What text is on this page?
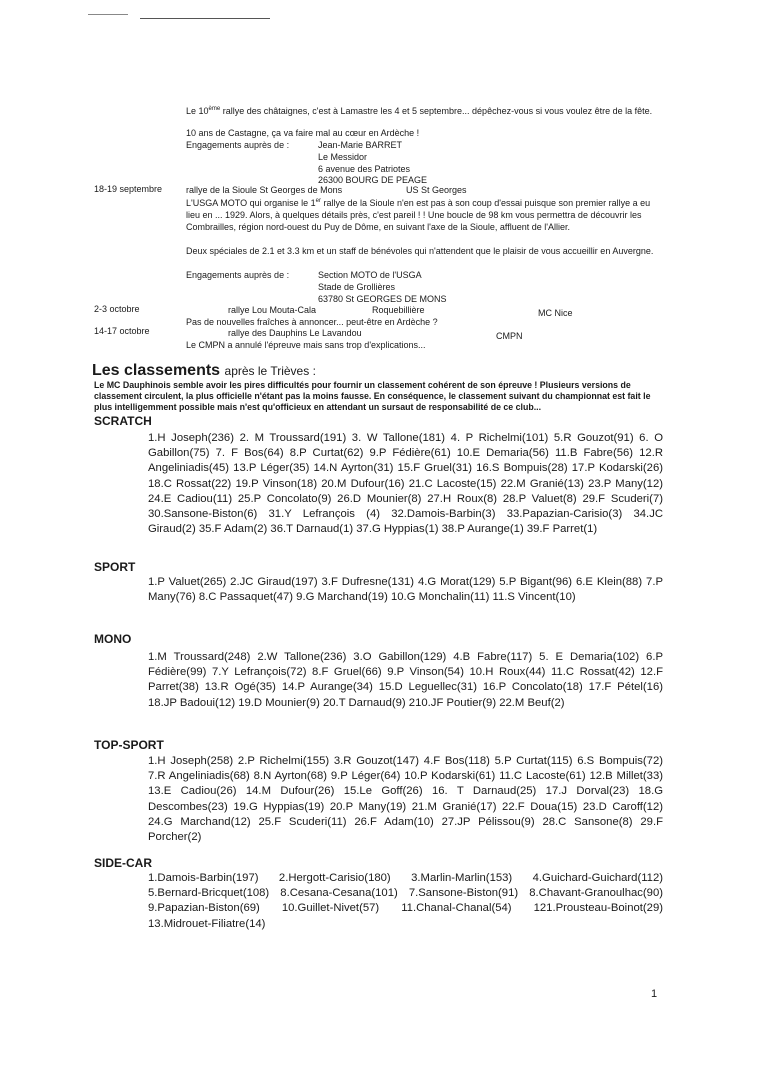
Le 10ème rallye des châtaignes, c'est à Lamastre les 4 et 5 septembre... dépêchez-vous si vous voulez être de la fête.
10 ans de Castagne, ça va faire mal au cœur en Ardèche !
Engagements auprès de :	Jean-Marie BARRET
Le Messidor
6 avenue des Patriotes
26300 BOURG DE PEAGE
18-19 septembre	rallye de la Sioule St Georges de Mons	US St Georges
L'USGA MOTO qui organise le 1er rallye de la Sioule n'en est pas à son coup d'essai puisque son premier rallye a eu lieu en ... 1929. Alors, à quelques détails près, c'est pareil ! ! Une boucle de 98 km vous permettra de découvrir les Combrailles, région nord-ouest du Puy de Dôme, en suivant l'axe de la Sioule, affluent de l'Allier.
Deux spéciales de 2.1 et 3.3 km et un staff de bénévoles qui n'attendent que le plaisir de vous accueillir en Auvergne.
Engagements auprès de :	Section MOTO de l'USGA
Stade de Grollières
63780 St GEORGES DE MONS
2-3 octobre	rallye Lou Mouta-Cala	Roquebillière	MC Nice
Pas de nouvelles fraîches à annoncer... peut-être en Ardèche ?
14-17 octobre	rallye des Dauphins Le Lavandou	CMPN
Le CMPN a annulé l'épreuve mais sans trop d'explications...
Les classements après le Trièves :
Le MC Dauphinois semble avoir les pires difficultés pour fournir un classement cohérent de son épreuve ! Plusieurs versions de classement circulent, la plus officielle n'étant pas la moins fausse. En conséquence, le classement suivant du championnat est fait le plus intelligemment possible mais n'est qu'officieux en attendant un sursaut de responsabilité de ce club...
SCRATCH
1.H Joseph(236) 2. M Troussard(191) 3. W Tallone(181) 4. P Richelmi(101) 5.R Gouzot(91) 6. O Gabillon(75) 7. F Bos(64) 8.P Curtat(62) 9.P Fédière(61) 10.E Demaria(56) 11.B Fabre(56) 12.R Angeliniadis(45) 13.P Léger(35) 14.N Ayrton(31) 15.F Gruel(31) 16.S Bompuis(28) 17.P Kodarski(26) 18.C Rossat(22) 19.P Vinson(18) 20.M Dufour(16) 21.C Lacoste(15) 22.M Granié(13) 23.P Many(12) 24.E Cadiou(11) 25.P Concolato(9) 26.D Mounier(8) 27.H Roux(8) 28.P Valuet(8) 29.F Scuderi(7) 30.Sansone-Biston(6) 31.Y Lefrançois (4) 32.Damois-Barbin(3) 33.Papazian-Carisio(3) 34.JC Giraud(2) 35.F Adam(2) 36.T Darnaud(1) 37.G Hyppias(1) 38.P Aurange(1) 39.F Parret(1)
SPORT
1.P Valuet(265) 2.JC Giraud(197) 3.F Dufresne(131) 4.G Morat(129) 5.P Bigant(96) 6.E Klein(88) 7.P Many(76) 8.C Passaquet(47) 9.G Marchand(19) 10.G Monchalin(11) 11.S Vincent(10)
MONO
1.M Troussard(248) 2.W Tallone(236) 3.O Gabillon(129) 4.B Fabre(117) 5. E Demaria(102) 6.P Fédière(99) 7.Y Lefrançois(72) 8.F Gruel(66) 9.P Vinson(54) 10.H Roux(44) 11.C Rossat(42) 12.F Parret(38) 13.R Ogé(35) 14.P Aurange(34) 15.D Leguellec(31) 16.P Concolato(18) 17.F Pétel(16) 18.JP Badoui(12) 19.D Mounier(9) 20.T Darnaud(9) 210.JF Poutier(9) 22.M Beuf(2)
TOP-SPORT
1.H Joseph(258) 2.P Richelmi(155) 3.R Gouzot(147) 4.F Bos(118) 5.P Curtat(115) 6.S Bompuis(72) 7.R Angeliniadis(68) 8.N Ayrton(68) 9.P Léger(64) 10.P Kodarski(61) 11.C Lacoste(61) 12.B Millet(33) 13.E Cadiou(26) 14.M Dufour(26) 15.Le Goff(26) 16. T Darnaud(25) 17.J Dorval(23) 18.G Descombes(23) 19.G Hyppias(19) 20.P Many(19) 21.M Granié(17) 22.F Doua(15) 23.D Caroff(12) 24.G Marchand(12) 25.F Scuderi(11) 26.F Adam(10) 27.JP Pélissou(9) 28.C Sansone(8) 29.F Porcher(2)
SIDE-CAR
1.Damois-Barbin(197) 2.Hergott-Carisio(180) 3.Marlin-Marlin(153) 4.Guichard-Guichard(112) 5.Bernard-Bricquet(108) 8.Cesana-Cesana(101) 7.Sansone-Biston(91) 8.Chavant-Granoulhac(90) 9.Papazian-Biston(69) 10.Guillet-Nivet(57) 11.Chanal-Chanal(54) 121.Prousteau-Boinot(29) 13.Midrouet-Filiatre(14)
1
